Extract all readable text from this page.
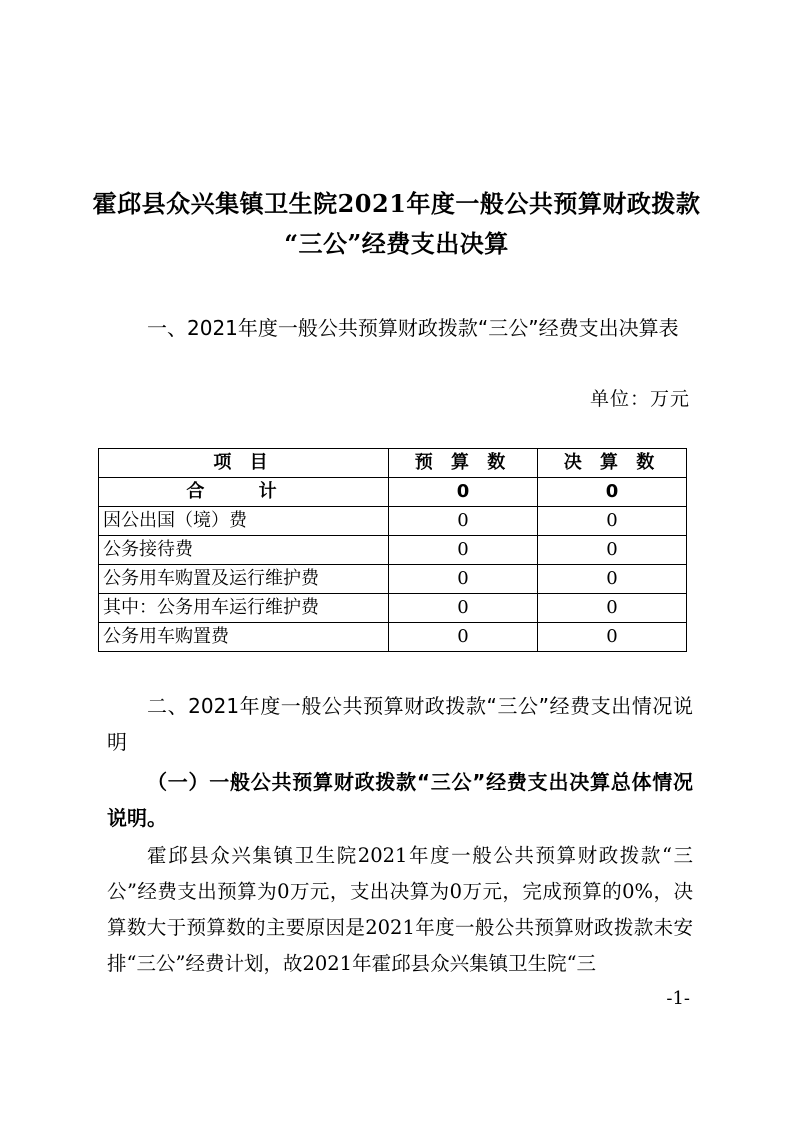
霍邱县众兴集镇卫生院2021年度一般公共预算财政拨款
“三公”经费支出决算
一、2021年度一般公共预算财政拨款“三公”经费支出决算表
单位：万元
项 目	预 算 数	决 算 数
合 计	0	0
因公出国（境）费	0	0
公务接待费	0	0
公务用车购置及运行维护费	0	0
其中：公务用车运行维护费	0	0
公务用车购置费	0	0
二、2021年度一般公共预算财政拨款“三公”经费支出情况说明
（一）一般公共预算财政拨款“三公”经费支出决算总体情况说明。
霍邱县众兴集镇卫生院2021年度一般公共预算财政拨款“三公”经费支出预算为0万元，支出决算为0万元，完成预算的0%，决算数大于预算数的主要原因是2021年度一般公共预算财政拨款未安排“三公”经费计划，故2021年霍邱县众兴集镇卫生院“三
-1-
